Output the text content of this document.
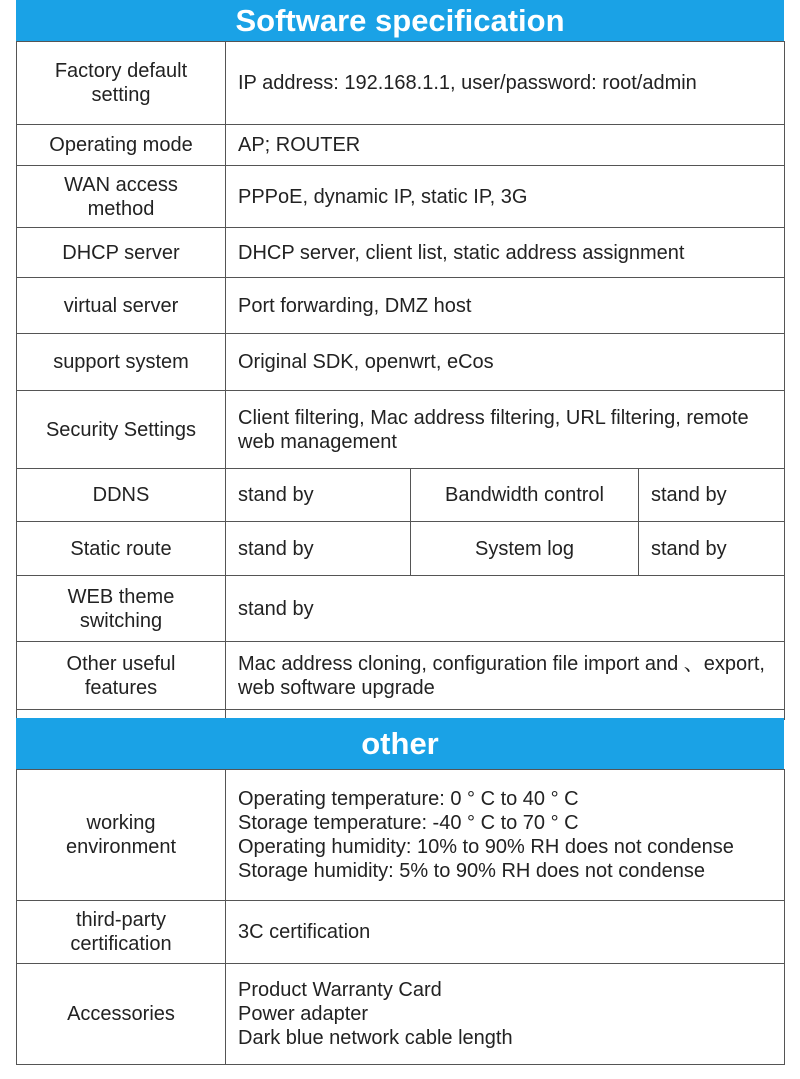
Software specification
Factory default setting	IP address: 192.168.1.1, user/password: root/admin		
Operating mode	AP; ROUTER		
WAN access method	PPPoE, dynamic IP, static IP, 3G		
DHCP server	DHCP server, client list, static address assignment		
virtual server	Port forwarding, DMZ host		
support system	Original SDK, openwrt, eCos		
Security Settings	Client filtering, Mac address filtering, URL filtering, remote web management		
DDNS	stand by	Bandwidth control	stand by
Static route	stand by	System log	stand by
WEB theme switching	stand by		
Other useful features	Mac address cloning, configuration file import and 、export, web software upgrade		

other
working environment	Operating temperature: 0 ° C to 40 ° C
Storage temperature: -40 ° C to 70 ° C
Operating humidity: 10% to 90% RH does not condense
Storage humidity: 5% to 90% RH does not condense

third-party certification	3C certification
Accessories	Product Warranty Card
Power adapter
Dark blue network cable length
